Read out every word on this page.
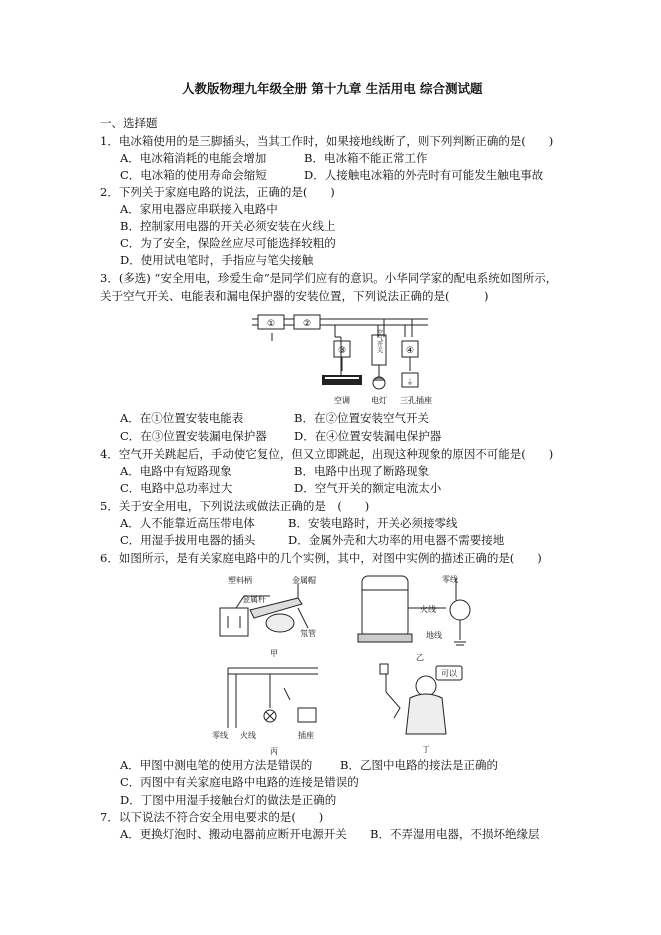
人教版物理九年级全册 第十九章 生活用电 综合测试题
一、选择题
1．电冰箱使用的是三脚插头，当其工作时，如果接地线断了，则下列判断正确的是(　　)
A．电冰箱消耗的电能会增加	B．电冰箱不能正常工作
C．电冰箱的使用寿命会缩短	D．人接触电冰箱的外壳时有可能发生触电事故
2．下列关于家庭电路的说法，正确的是(　　)
A．家用电器应串联接入电路中
B．控制家用电器的开关必须安装在火线上
C．为了安全，保险丝应尽可能选择较粗的
D．使用试电笔时，手指应与笔尖接触
3．(多选) “安全用电，珍爱生命”是同学们应有的意识。小华同学家的配电系统如图所示，
关于空气开关、电能表和漏电保护器的安装位置，下列说法正确的是(　　　)
③	④
①	②
空气开关
⏚
空调	电灯 三孔插座
A．在①位置安装电能表	B．在②位置安装空气开关
C．在③位置安装漏电保护器 D．在④位置安装漏电保护器
4．空气开关跳起后，手动使它复位，但又立即跳起，出现这种现象的原因不可能是(　　)
A．电路中有短路现象	B．电路中出现了断路现象
C．电路中总功率过大	D．空气开关的额定电流太小
5．关于安全用电，下列说法或做法正确的是　(　　)
A．人不能靠近高压带电体	B．安装电路时，开关必须接零线
C．用湿手拔用电器的插头	D．金属外壳和大功率的用电器不需要接地
6．如图所示，是有关家庭电路中的几个实例，其中，对图中实例的描述正确的是(　　)
塑料柄	金属帽
金属杆
氖管
甲
零线
火线
地线
乙
零线 火线	插座
丙
可以
丁
A．甲图中测电笔的使用方法是错误的 B．乙图中电路的接法是正确的
C．丙图中有关家庭电路中电路的连接是错误的
D．丁图中用湿手接触台灯的做法是正确的
7．以下说法不符合安全用电要求的是(　　)
A．更换灯泡时、搬动电器前应断开电源开关 B．不弄湿用电器，不损坏绝缘层
